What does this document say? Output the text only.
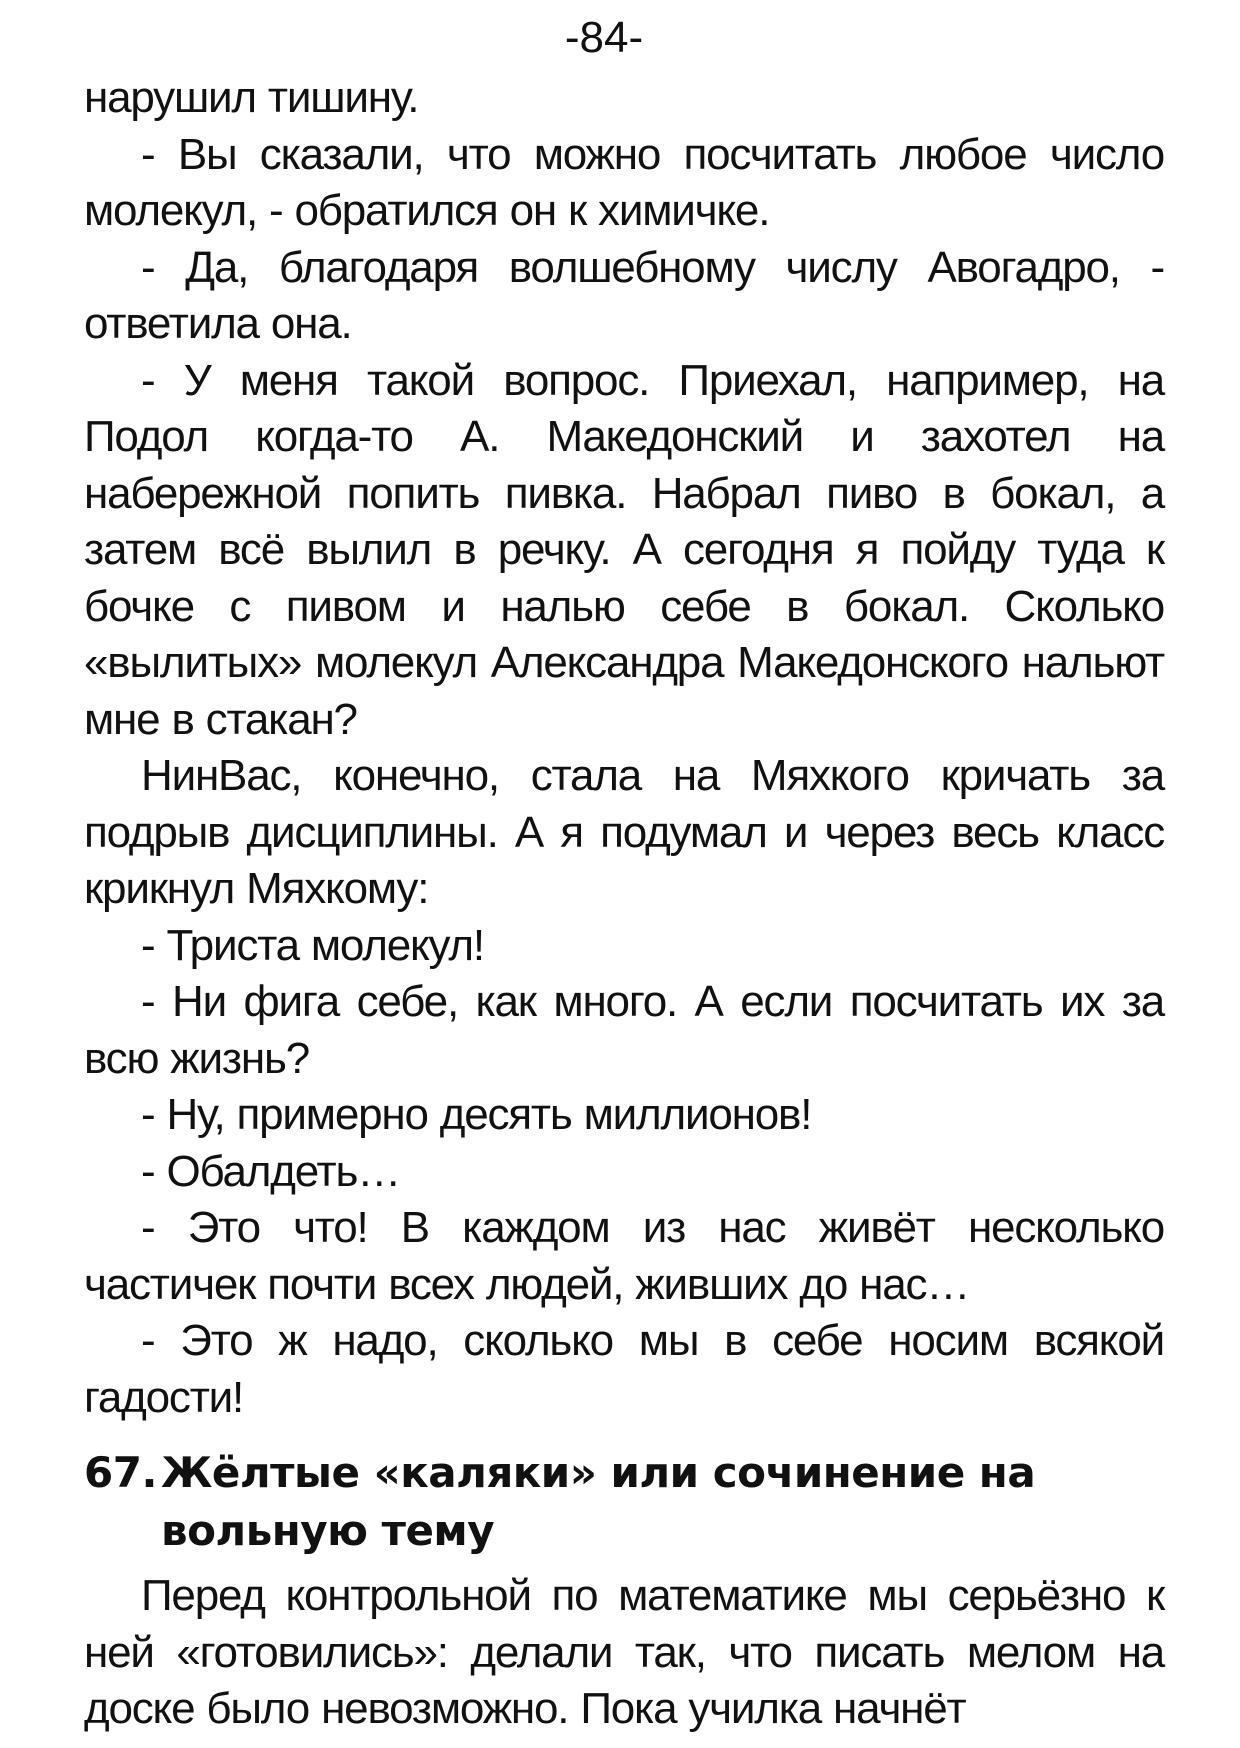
-84-

нарушил тишину.

- Вы сказали, что можно посчитать любое число молекул, - обратился он к химичке.

- Да, благодаря волшебному числу Авогадро, - ответила она.

- У меня такой вопрос. Приехал, например, на Подол когда-то А. Македонский и захотел на набережной попить пивка. Набрал пиво в бокал, а затем всё вылил в речку. А сегодня я пойду туда к бочке с пивом и налью себе в бокал. Сколько «вылитых» молекул Александра Македонского нальют мне в стакан?

НинВас, конечно, стала на Мяхкого кричать за подрыв дисциплины. А я подумал и через весь класс крикнул Мяхкому:

- Триста молекул!

- Ни фига себе, как много. А если посчитать их за всю жизнь?

- Ну, примерно десять миллионов!

- Обалдеть…

- Это что! В каждом из нас живёт несколько частичек почти всех людей, живших до нас…

- Это ж надо, сколько мы в себе носим всякой гадости!

67. Жёлтые «каляки» или сочинение на вольную тему

Перед контрольной по математике мы серьёзно к ней «готовились»: делали так, что писать мелом на доске было невозможно. Пока училка начнёт
